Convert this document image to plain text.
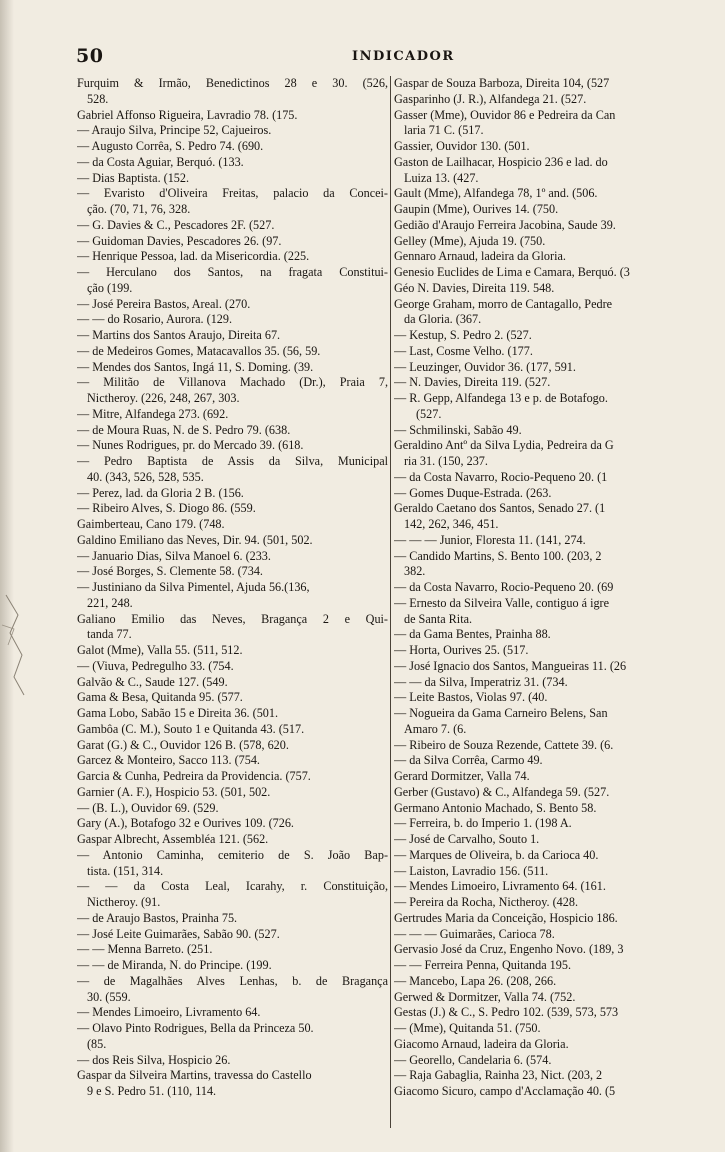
50	INDICADOR
Furquim & Irmão, Benedictinos 28 e 30. (526,
528.
Gabriel Affonso Rigueira, Lavradio 78. (175.
— Araujo Silva, Principe 52, Cajueiros.
— Augusto Corrêa, S. Pedro 74. (690.
— da Costa Aguiar, Berquó. (133.
— Dias Baptista. (152.
— Evaristo d'Oliveira Freitas, palacio da Concei-
ção. (70, 71, 76, 328.
— G. Davies & C., Pescadores 2F. (527.
— Guidoman Davies, Pescadores 26. (97.
— Henrique Pessoa, lad. da Misericordia. (225.
— Herculano dos Santos, na fragata Constitui-
ção (199.
— José Pereira Bastos, Areal. (270.
— — do Rosario, Aurora. (129.
— Martins dos Santos Araujo, Direita 67.
— de Medeiros Gomes, Matacavallos 35. (56, 59.
— Mendes dos Santos, Ingá 11, S. Doming. (39.
— Militão de Villanova Machado (Dr.), Praia 7,
Nictheroy. (226, 248, 267, 303.
— Mitre, Alfandega 273. (692.
— de Moura Ruas, N. de S. Pedro 79. (638.
— Nunes Rodrigues, pr. do Mercado 39. (618.
— Pedro Baptista de Assis da Silva, Municipal
40. (343, 526, 528, 535.
— Perez, lad. da Gloria 2 B. (156.
— Ribeiro Alves, S. Diogo 86. (559.
Gaimberteau, Cano 179. (748.
Galdino Emiliano das Neves, Dir. 94. (501, 502.
— Januario Dias, Silva Manoel 6. (233.
— José Borges, S. Clemente 58. (734.
— Justiniano da Silva Pimentel, Ajuda 56.(136,
221, 248.
Galiano Emilio das Neves, Bragança 2 e Qui-
tanda 77.
Galot (Mme), Valla 55. (511, 512.
— (Viuva, Pedregulho 33. (754.
Galvão & C., Saude 127. (549.
Gama & Besa, Quitanda 95. (577.
Gama Lobo, Sabão 15 e Direita 36. (501.
Gambôa (C. M.), Souto 1 e Quitanda 43. (517.
Garat (G.) & C., Ouvidor 126 B. (578, 620.
Garcez & Monteiro, Sacco 113. (754.
Garcia & Cunha, Pedreira da Providencia. (757.
Garnier (A. F.), Hospicio 53. (501, 502.
— (B. L.), Ouvidor 69. (529.
Gary (A.), Botafogo 32 e Ourives 109. (726.
Gaspar Albrecht, Assembléa 121. (562.
— Antonio Caminha, cemiterio de S. João Bap-
tista. (151, 314.
— — da Costa Leal, Icarahy, r. Constituição,
Nictheroy. (91.
— de Araujo Bastos, Prainha 75.
— José Leite Guimarães, Sabão 90. (527.
— — Menna Barreto. (251.
— — de Miranda, N. do Principe. (199.
— de Magalhães Alves Lenhas, b. de Bragança
30. (559.
— Mendes Limoeiro, Livramento 64.
— Olavo Pinto Rodrigues, Bella da Princeza 50.
(85.
— dos Reis Silva, Hospicio 26.
Gaspar da Silveira Martins, travessa do Castello
9 e S. Pedro 51. (110, 114.
Gaspar de Souza Barboza, Direita 104, (527
Gasparinho (J. R.), Alfandega 21. (527.
Gasser (Mme), Ouvidor 86 e Pedreira da Can
laria 71 C. (517.
Gassier, Ouvidor 130. (501.
Gaston de Lailhacar, Hospicio 236 e lad. do
Luiza 13. (427.
Gault (Mme), Alfandega 78, 1º and. (506.
Gaupin (Mme), Ourives 14. (750.
Gedião d'Araujo Ferreira Jacobina, Saude 39.
Gelley (Mme), Ajuda 19. (750.
Gennaro Arnaud, ladeira da Gloria.
Genesio Euclides de Lima e Camara, Berquó. (3
Géo N. Davies, Direita 119. 548.
George Graham, morro de Cantagallo, Pedre
da Gloria. (367.
— Kestup, S. Pedro 2. (527.
— Last, Cosme Velho. (177.
— Leuzinger, Ouvidor 36. (177, 591.
— N. Davies, Direita 119. (527.
— R. Gepp, Alfandega 13 e p. de Botafogo.
(527.
— Schmilinski, Sabão 49.
Geraldino Antº da Silva Lydia, Pedreira da G
ria 31. (150, 237.
— da Costa Navarro, Rocio-Pequeno 20. (1
— Gomes Duque-Estrada. (263.
Geraldo Caetano dos Santos, Senado 27. (1
142, 262, 346, 451.
— — — Junior, Floresta 11. (141, 274.
— Candido Martins, S. Bento 100. (203, 2
382.
— da Costa Navarro, Rocio-Pequeno 20. (69
— Ernesto da Silveira Valle, contiguo á igre
de Santa Rita.
— da Gama Bentes, Prainha 88.
— Horta, Ourives 25. (517.
— José Ignacio dos Santos, Mangueiras 11. (26
— — da Silva, Imperatriz 31. (734.
— Leite Bastos, Violas 97. (40.
— Nogueira da Gama Carneiro Belens, San
Amaro 7. (6.
— Ribeiro de Souza Rezende, Cattete 39. (6.
— da Silva Corrêa, Carmo 49.
Gerard Dormitzer, Valla 74.
Gerber (Gustavo) & C., Alfandega 59. (527.
Germano Antonio Machado, S. Bento 58.
— Ferreira, b. do Imperio 1. (198 A.
— José de Carvalho, Souto 1.
— Marques de Oliveira, b. da Carioca 40.
— Laiston, Lavradio 156. (511.
— Mendes Limoeiro, Livramento 64. (161.
— Pereira da Rocha, Nictheroy. (428.
Gertrudes Maria da Conceição, Hospicio 186.
— — — Guimarães, Carioca 78.
Gervasio José da Cruz, Engenho Novo. (189, 3
— — Ferreira Penna, Quitanda 195.
— Mancebo, Lapa 26. (208, 266.
Gerwed & Dormitzer, Valla 74. (752.
Gestas (J.) & C., S. Pedro 102. (539, 573, 573
— (Mme), Quitanda 51. (750.
Giacomo Arnaud, ladeira da Gloria.
— Georello, Candelaria 6. (574.
— Raja Gabaglia, Rainha 23, Nict. (203, 2
Giacomo Sicuro, campo d'Acclamação 40. (5
